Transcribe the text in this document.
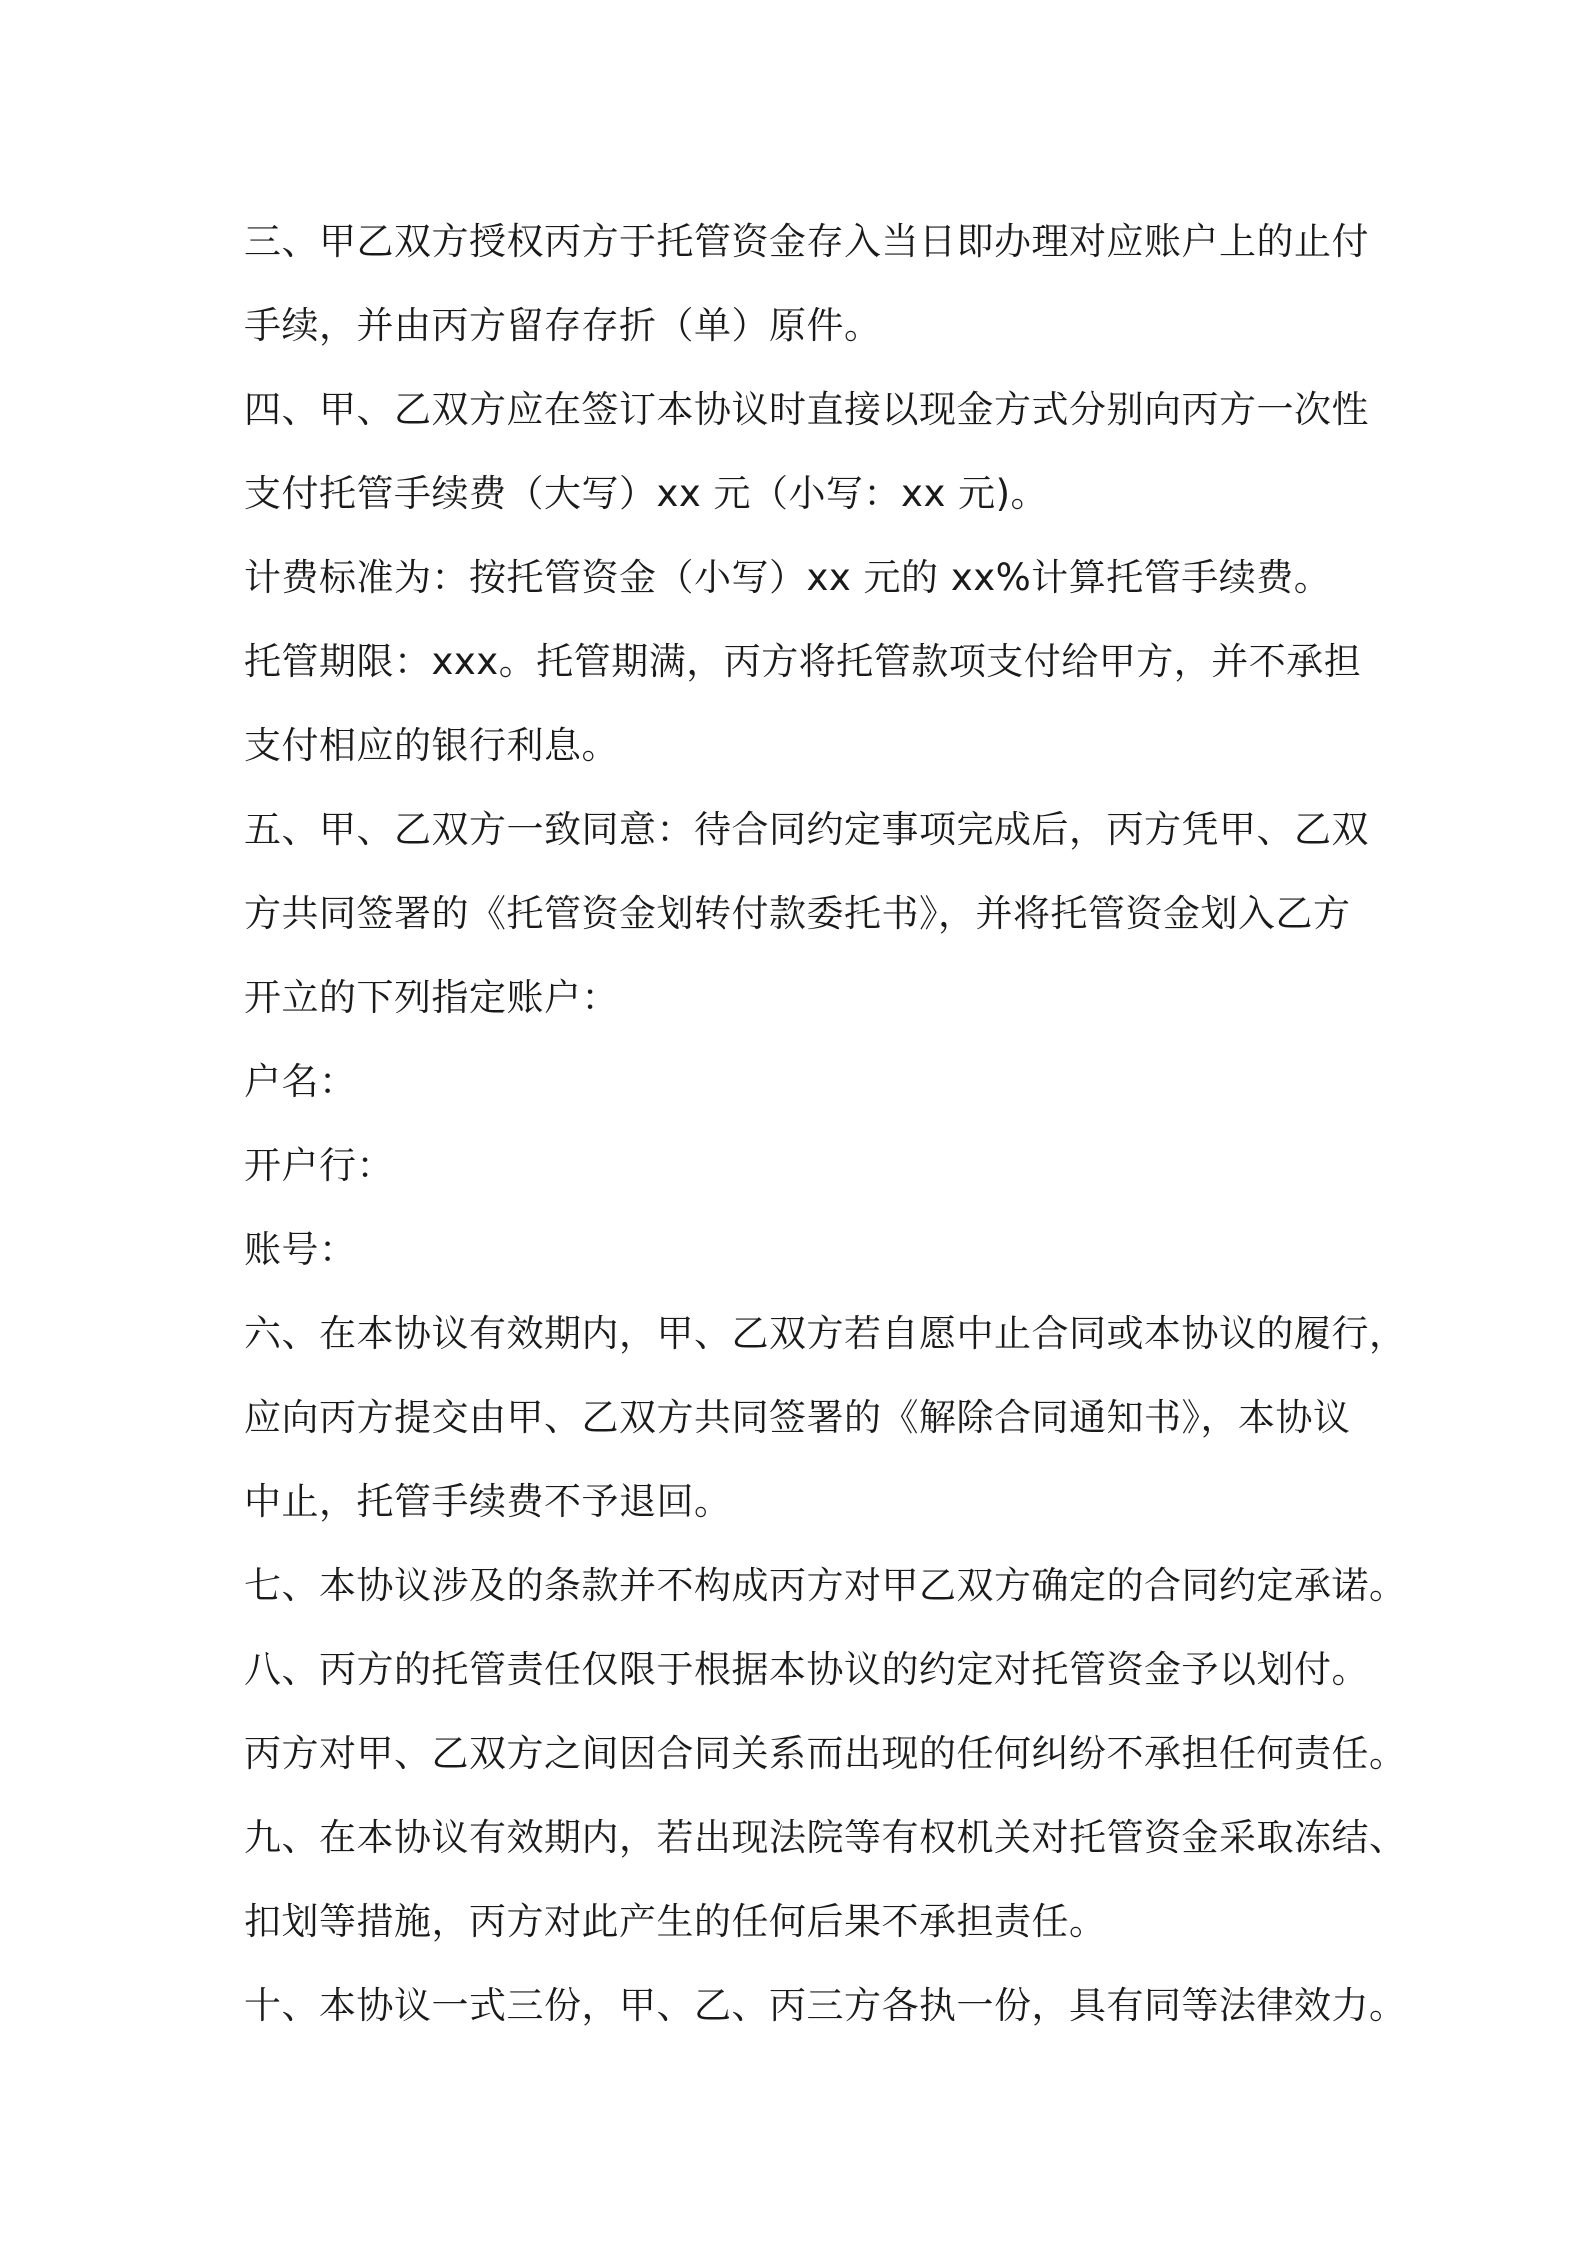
三、甲乙双方授权丙方于托管资金存入当日即办理对应账户上的止付
手续，并由丙方留存存折（单）原件。
四、甲、乙双方应在签订本协议时直接以现金方式分别向丙方一次性
支付托管手续费（大写）xx 元（小写：xx 元)。
计费标准为：按托管资金（小写）xx 元的 xx%计算托管手续费。
托管期限：xxx。托管期满，丙方将托管款项支付给甲方，并不承担
支付相应的银行利息。
五、甲、乙双方一致同意：待合同约定事项完成后，丙方凭甲、乙双
方共同签署的《托管资金划转付款委托书》，并将托管资金划入乙方
开立的下列指定账户：
户名：
开户行：
账号：
六、在本协议有效期内，甲、乙双方若自愿中止合同或本协议的履行，
应向丙方提交由甲、乙双方共同签署的《解除合同通知书》，本协议
中止，托管手续费不予退回。
七、本协议涉及的条款并不构成丙方对甲乙双方确定的合同约定承诺。
八、丙方的托管责任仅限于根据本协议的约定对托管资金予以划付。
丙方对甲、乙双方之间因合同关系而出现的任何纠纷不承担任何责任。
九、在本协议有效期内，若出现法院等有权机关对托管资金采取冻结、
扣划等措施，丙方对此产生的任何后果不承担责任。
十、本协议一式三份，甲、乙、丙三方各执一份，具有同等法律效力。
